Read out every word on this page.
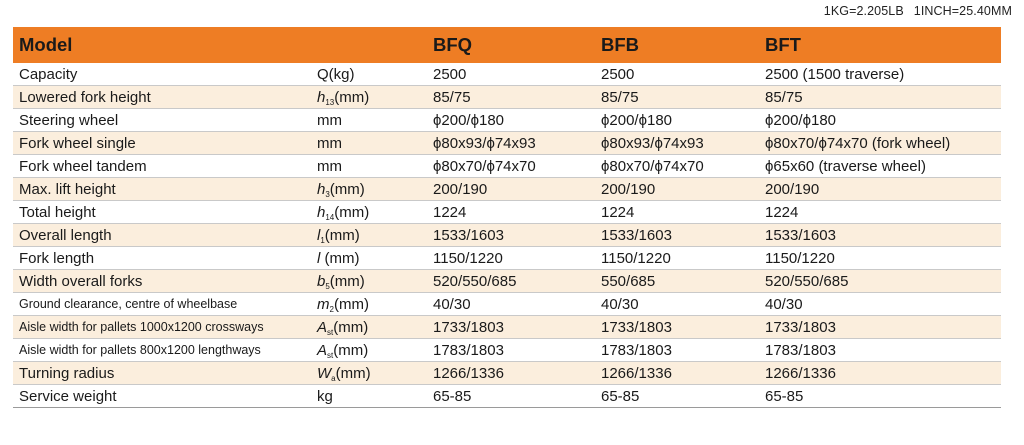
1KG=2.205LB 1INCH=25.40MM
Model		BFQ	BFB	BFT
Capacity	Q(kg)	2500	2500	2500 (1500 traverse)
Lowered fork height	$h_{13}(mm)$	85/75	85/75	85/75
Steering wheel	mm	ϕ200/ϕ180	ϕ200/ϕ180	ϕ200/ϕ180
Fork wheel single	mm	ϕ80x93/ϕ74x93	ϕ80x93/ϕ74x93	ϕ80x70/ϕ74x70 (fork wheel)
Fork wheel tandem	mm	ϕ80x70/ϕ74x70	ϕ80x70/ϕ74x70	ϕ65x60 (traverse wheel)
Max. lift height	$h_3(mm)$	200/190	200/190	200/190
Total height	$h_{14}(mm)$	1224	1224	1224
Overall length	$l_1(mm)$	1533/1603	1533/1603	1533/1603
Fork length	l (mm)	1150/1220	1150/1220	1150/1220
Width overall forks	$b_5(mm)$	520/550/685	550/685	520/550/685
Ground clearance, centre of wheelbase	$m_2(mm)$	40/30	40/30	40/30
Aisle width for pallets 1000x1200 crossways	$A_{st}(mm)$	1733/1803	1733/1803	1733/1803
Aisle width for pallets 800x1200 lengthways	$A_{st}(mm)$	1783/1803	1783/1803	1783/1803
Turning radius	$W_a(mm)$	1266/1336	1266/1336	1266/1336
Service weight	kg	65-85	65-85	65-85
